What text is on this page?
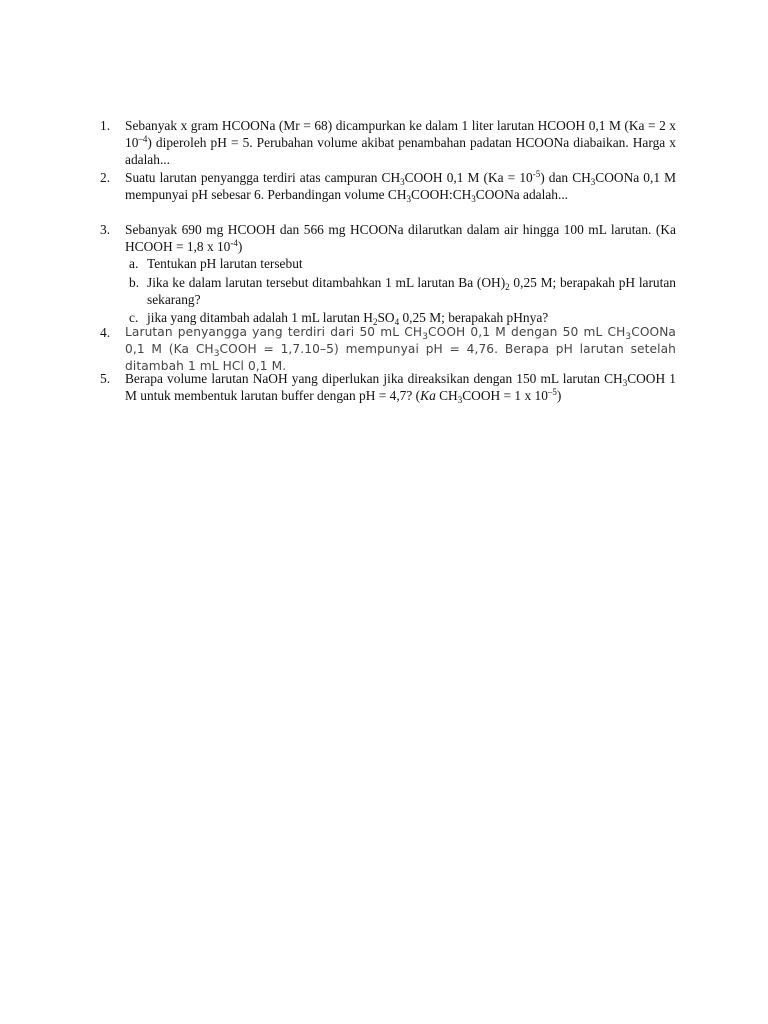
1.	Sebanyak x gram HCOONa (Mr = 68) dicampurkan ke dalam 1 liter larutan HCOOH 0,1 M (Ka = 2 x $10^{-4}$) diperoleh pH = 5. Perubahan volume akibat penambahan padatan HCOONa diabaikan. Harga x adalah...
2.	Suatu larutan penyangga terdiri atas campuran $CH_3COOH$ 0,1 M $(Ka = 10^{-5})$ dan $CH_3COONa$ 0,1 M mempunyai pH sebesar 6. Perbandingan volume $CH_3COOH:CH_3COONa$ adalah...
3.	Sebanyak 690 mg HCOOH dan 566 mg HCOONa dilarutkan dalam air hingga 100 mL larutan. (Ka HCOOH = 1,8 x $10^{-4}$)
a. Tentukan pH larutan tersebut
b. Jika ke dalam larutan tersebut ditambahkan 1 mL larutan Ba $(OH)_2$ 0,25 M; berapakah pH larutan sekarang?
c. jika yang ditambah adalah 1 mL larutan $H_2SO_4$ 0,25 M; berapakah pHnya?
4.	Larutan penyangga yang terdiri dari 50 mL $CH_3COOH$ 0,1 M dengan 50 mL $CH_3COONa$ 0,1 M (Ka $CH_3COOH = 1,7.10-5$) mempunyai pH = 4,76. Berapa pH larutan setelah ditambah 1 mL HCl 0,1 M.
5.	Berapa volume larutan NaOH yang diperlukan jika direaksikan dengan 150 mL larutan $CH_3COOH$ 1 M untuk membentuk larutan buffer dengan pH = 4,7? (Ka $CH_3COOH = 1$ x $10^{-5}$)
